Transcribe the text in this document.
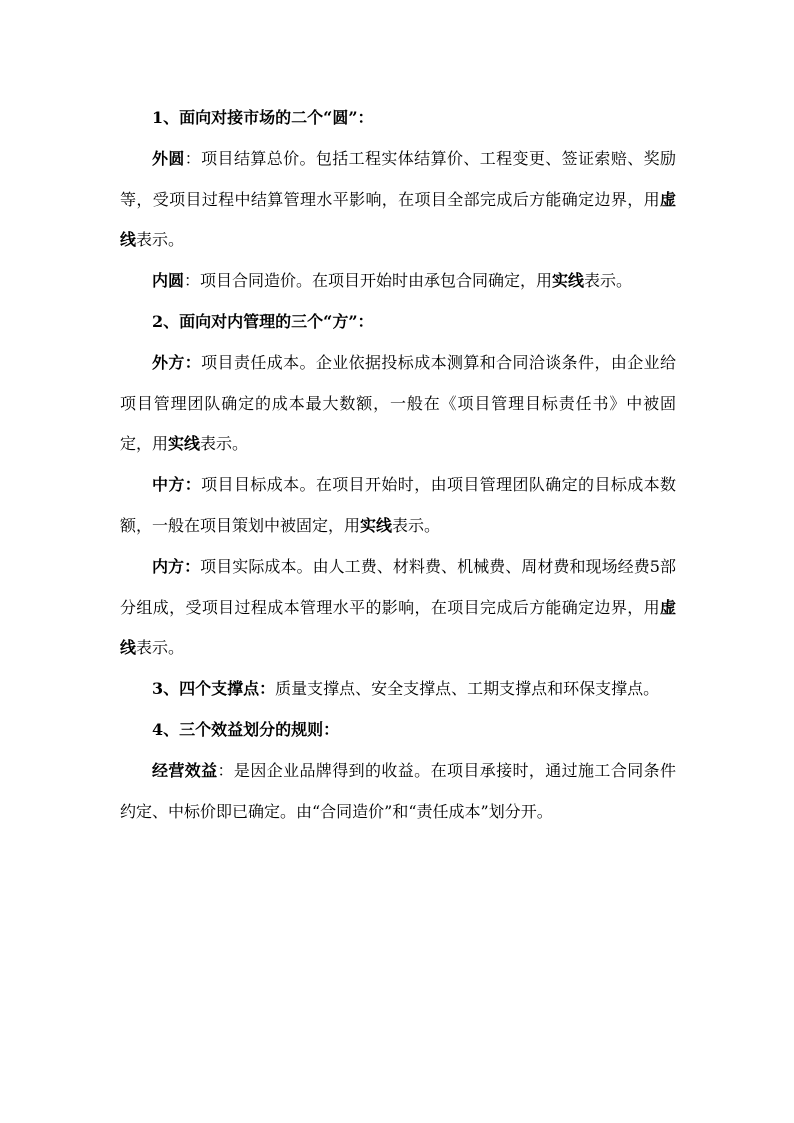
1、面向对接市场的二个“圆”：

外圆：项目结算总价。包括工程实体结算价、工程变更、签证索赔、奖励等，受项目过程中结算管理水平影响，在项目全部完成后方能确定边界，用虚线表示。

内圆：项目合同造价。在项目开始时由承包合同确定，用实线表示。

2、面向对内管理的三个“方”：

外方：项目责任成本。企业依据投标成本测算和合同洽谈条件，由企业给项目管理团队确定的成本最大数额，一般在《项目管理目标责任书》中被固定，用实线表示。

中方：项目目标成本。在项目开始时，由项目管理团队确定的目标成本数额，一般在项目策划中被固定，用实线表示。

内方：项目实际成本。由人工费、材料费、机械费、周材费和现场经费5部分组成，受项目过程成本管理水平的影响，在项目完成后方能确定边界，用虚线表示。

3、四个支撑点：质量支撑点、安全支撑点、工期支撑点和环保支撑点。

4、三个效益划分的规则：

经营效益：是因企业品牌得到的收益。在项目承接时，通过施工合同条件约定、中标价即已确定。由“合同造价”和“责任成本”划分开。
